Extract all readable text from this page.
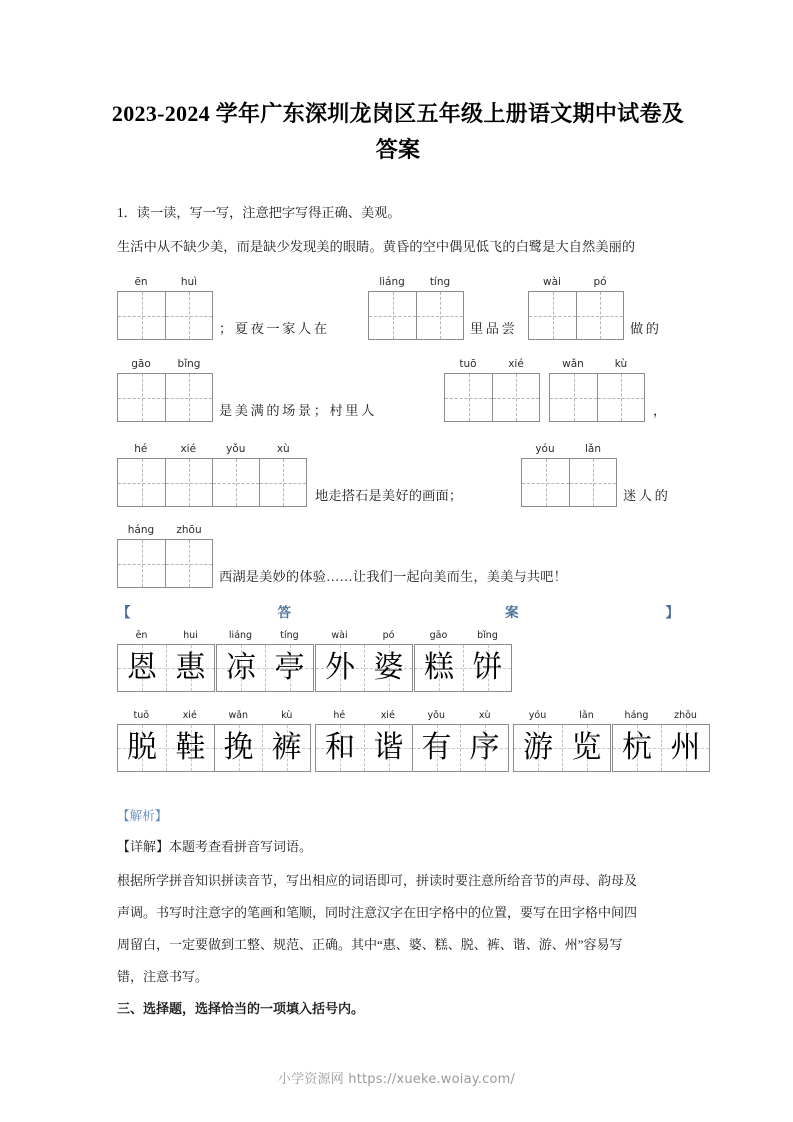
2023-2024 学年广东深圳龙岗区五年级上册语文期中试卷及
答案
1．读一读，写一写，注意把字写得正确、美观。
生活中从不缺少美，而是缺少发现美的眼睛。黄昏的空中偶见低飞的白鹭是大自然美丽的
ēn	huì
；夏夜一家人在
liáng	tíng
里品尝
wài	pó
做的
gāo	bǐng
是美满的场景；村里人
tuō	xié	wǎn	kù
，
hé	xié	yǒu	xù
地走搭石是美好的画面；
yóu	lǎn
迷人的
háng	zhōu
西湖是美妙的体验……让我们一起向美而生，美美与共吧！
【	答	案	】
ēn	hui
恩 惠
liáng	tíng
凉 亭
wài	pó
外 婆
gāo	bǐng
糕 饼
tuō	xié	wǎn	kù
脱 鞋 挽 裤
hé	xié	yǒu	xù
和 谐 有 序
yóu	lǎn
游 览
háng	zhōu
杭 州
【解析】
【详解】本题考查看拼音写词语。
根据所学拼音知识拼读音节，写出相应的词语即可，拼读时要注意所给音节的声母、韵母及
声调。书写时注意字的笔画和笔顺，同时注意汉字在田字格中的位置，要写在田字格中间四
周留白，一定要做到工整、规范、正确。其中“惠、婆、糕、脱、裤、谐、游、州”容易写
错，注意书写。
三、选择题，选择恰当的一项填入括号内。
小学资源网 https://xueke.woiay.com/
